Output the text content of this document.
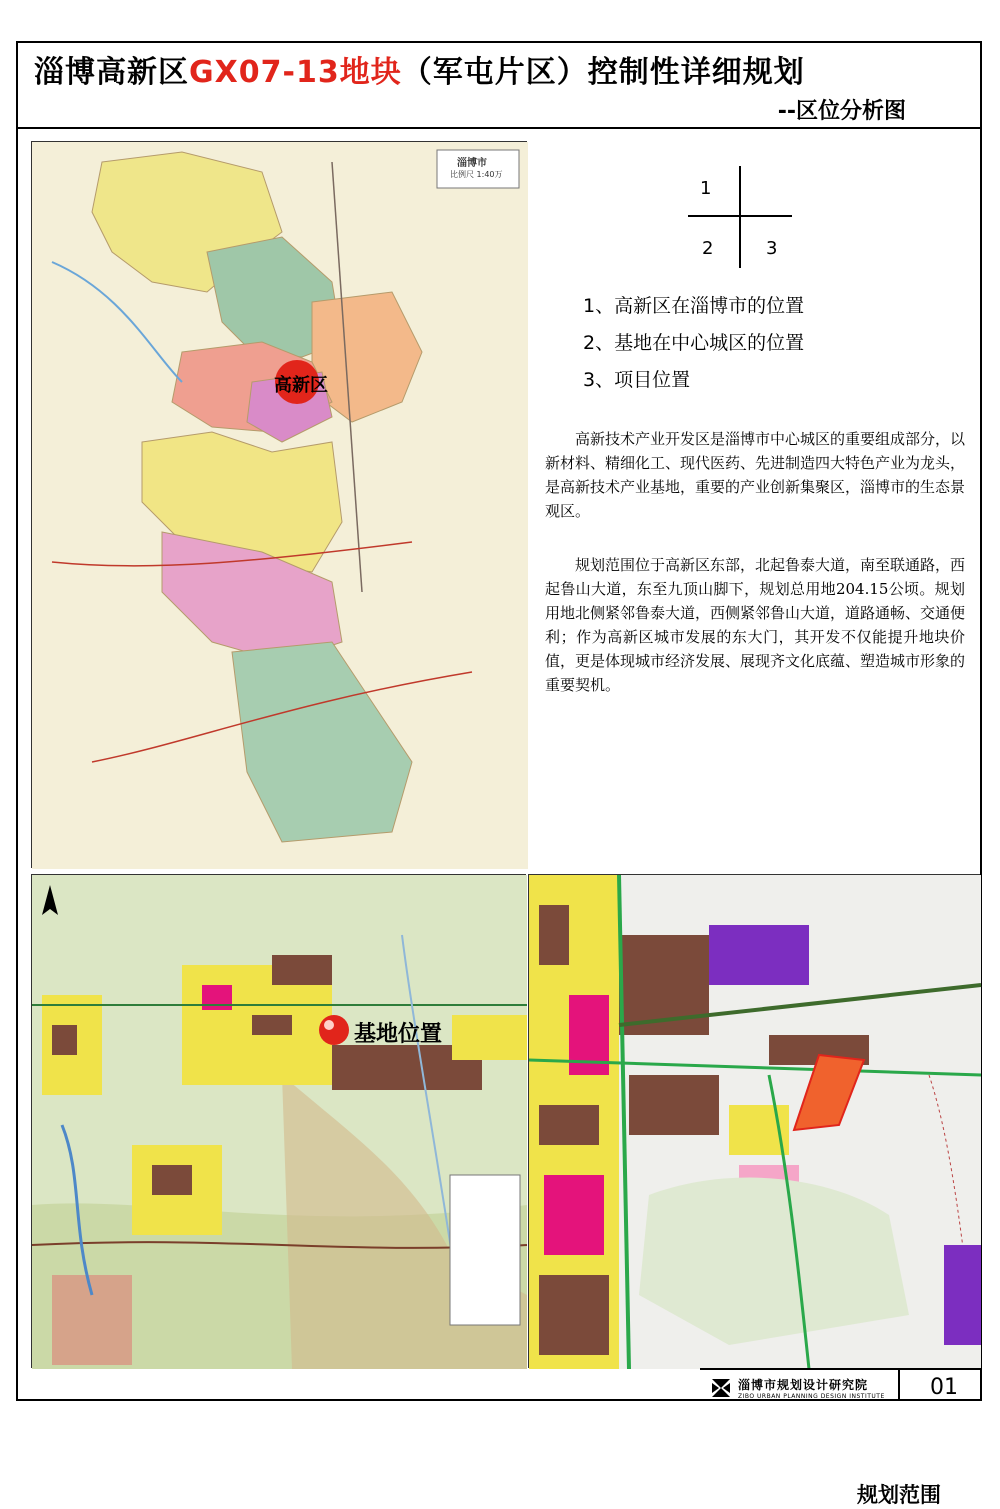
淄博高新区GX07-13地块（军屯片区）控制性详细规划
--区位分析图
淄博市
比例尺 1:40万
高新区
1
2	3
1、高新区在淄博市的位置
2、基地在中心城区的位置
3、项目位置

高新技术产业开发区是淄博市中心城区的重要组成部分，以新材料、精细化工、现代医药、先进制造四大特色产业为龙头，是高新技术产业基地，重要的产业创新集聚区，淄博市的生态景观区。

规划范围位于高新区东部，北起鲁泰大道，南至联通路，西起鲁山大道，东至九顶山脚下，规划总用地204.15公顷。规划用地北侧紧邻鲁泰大道，西侧紧邻鲁山大道，道路通畅、交通便利；作为高新区城市发展的东大门，其开发不仅能提升地块价值，更是体现城市经济发展、展现齐文化底蕴、塑造城市形象的重要契机。

基地位置
规划范围
淄博市规划设计研究院
ZIBO URBAN PLANNING DESIGN INSTITUTE 01
